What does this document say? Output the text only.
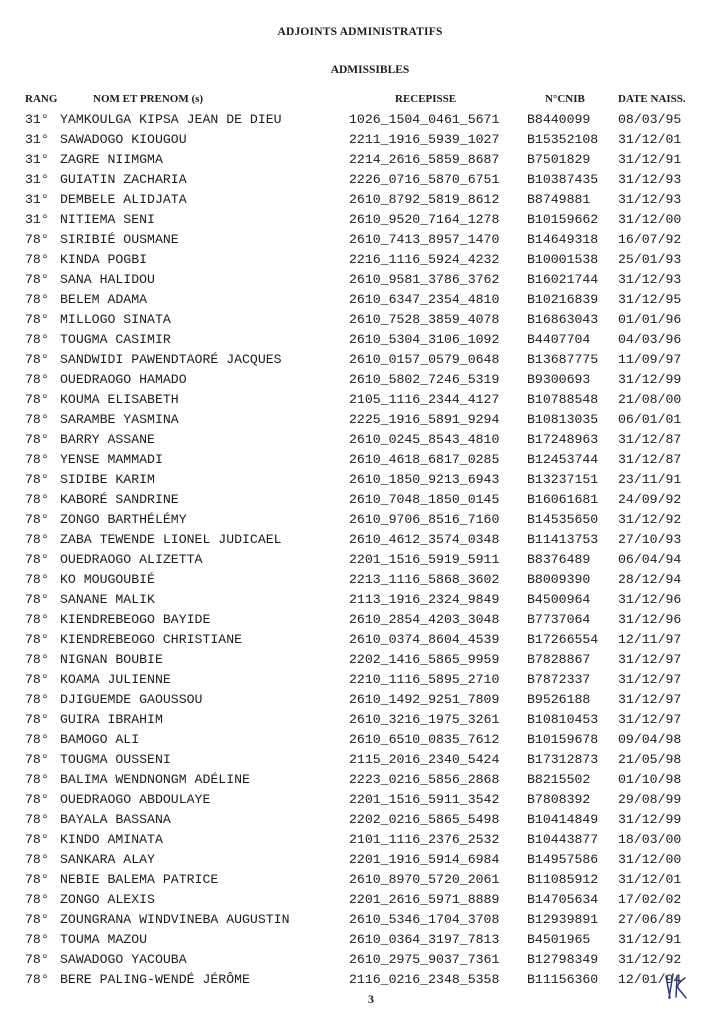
ADJOINTS ADMINISTRATIFS
ADMISSIBLES
RANG	NOM ET PRENOM (s)	RECEPISSE	N°CNIB	DATE NAISS.
31° YAMKOULGA KIPSA JEAN DE DIEU	1026_1504_0461_5671 B8440099 08/03/95
31° SAWADOGO KIOUGOU	2211_1916_5939_1027 B15352108 31/12/01
31° ZAGRE NIIMGMA	2214_2616_5859_8687 B7501829 31/12/91
31° GUIATIN ZACHARIA	2226_0716_5870_6751 B10387435 31/12/93
31° DEMBELE ALIDJATA	2610_8792_5819_8612 B8749881 31/12/93
31° NITIEMA SENI	2610_9520_7164_1278 B10159662 31/12/00
78° SIRIBIÉ OUSMANE	2610_7413_8957_1470 B14649318 16/07/92
78° KINDA POGBI	2216_1116_5924_4232 B10001538 25/01/93
78° SANA HALIDOU	2610_9581_3786_3762 B16021744 31/12/93
78° BELEM ADAMA	2610_6347_2354_4810 B10216839 31/12/95
78° MILLOGO SINATA	2610_7528_3859_4078 B16863043 01/01/96
78° TOUGMA CASIMIR	2610_5304_3106_1092 B4407704 04/03/96
78° SANDWIDI PAWENDTAORÉ JACQUES	2610_0157_0579_0648 B13687775 11/09/97
78° OUEDRAOGO HAMADO	2610_5802_7246_5319 B9300693 31/12/99
78° KOUMA ELISABETH	2105_1116_2344_4127 B10788548 21/08/00
78° SARAMBE YASMINA	2225_1916_5891_9294 B10813035 06/01/01
78° BARRY ASSANE	2610_0245_8543_4810 B17248963 31/12/87
78° YENSE MAMMADI	2610_4618_6817_0285 B12453744 31/12/87
78° SIDIBE KARIM	2610_1850_9213_6943 B13237151 23/11/91
78° KABORÉ SANDRINE	2610_7048_1850_0145 B16061681 24/09/92
78° ZONGO BARTHÉLÉMY	2610_9706_8516_7160 B14535650 31/12/92
78° ZABA TEWENDE LIONEL JUDICAEL	2610_4612_3574_0348 B11413753 27/10/93
78° OUEDRAOGO ALIZETTA	2201_1516_5919_5911 B8376489 06/04/94
78° KO MOUGOUBIÉ	2213_1116_5868_3602 B8009390 28/12/94
78° SANANE MALIK	2113_1916_2324_9849 B4500964 31/12/96
78° KIENDREBEOGO BAYIDE	2610_2854_4203_3048 B7737064 31/12/96
78° KIENDREBEOGO CHRISTIANE	2610_0374_8604_4539 B17266554 12/11/97
78° NIGNAN BOUBIE	2202_1416_5865_9959 B7828867 31/12/97
78° KOAMA JULIENNE	2210_1116_5895_2710 B7872337 31/12/97
78° DJIGUEMDE GAOUSSOU	2610_1492_9251_7809 B9526188 31/12/97
78° GUIRA IBRAHIM	2610_3216_1975_3261 B10810453 31/12/97
78° BAMOGO ALI	2610_6510_0835_7612 B10159678 09/04/98
78° TOUGMA OUSSENI	2115_2016_2340_5424 B17312873 21/05/98
78° BALIMA WENDNONGM ADÉLINE	2223_0216_5856_2868 B8215502 01/10/98
78° OUEDRAOGO ABDOULAYE	2201_1516_5911_3542 B7808392 29/08/99
78° BAYALA BASSANA	2202_0216_5865_5498 B10414849 31/12/99
78° KINDO AMINATA	2101_1116_2376_2532 B10443877 18/03/00
78° SANKARA ALAY	2201_1916_5914_6984 B14957586 31/12/00
78° NEBIE BALEMA PATRICE	2610_8970_5720_2061 B11085912 31/12/01
78° ZONGO ALEXIS	2201_2616_5971_8889 B14705634 17/02/02
78° ZOUNGRANA WINDVINEBA AUGUSTIN	2610_5346_1704_3708 B12939891 27/06/89
78° TOUMA MAZOU	2610_0364_3197_7813 B4501965 31/12/91
78° SAWADOGO YACOUBA	2610_2975_9037_7361 B12798349 31/12/92
78° BERE PALING-WENDÉ JÉRÔME	2116_0216_2348_5358 B11156360 12/01/94
3
